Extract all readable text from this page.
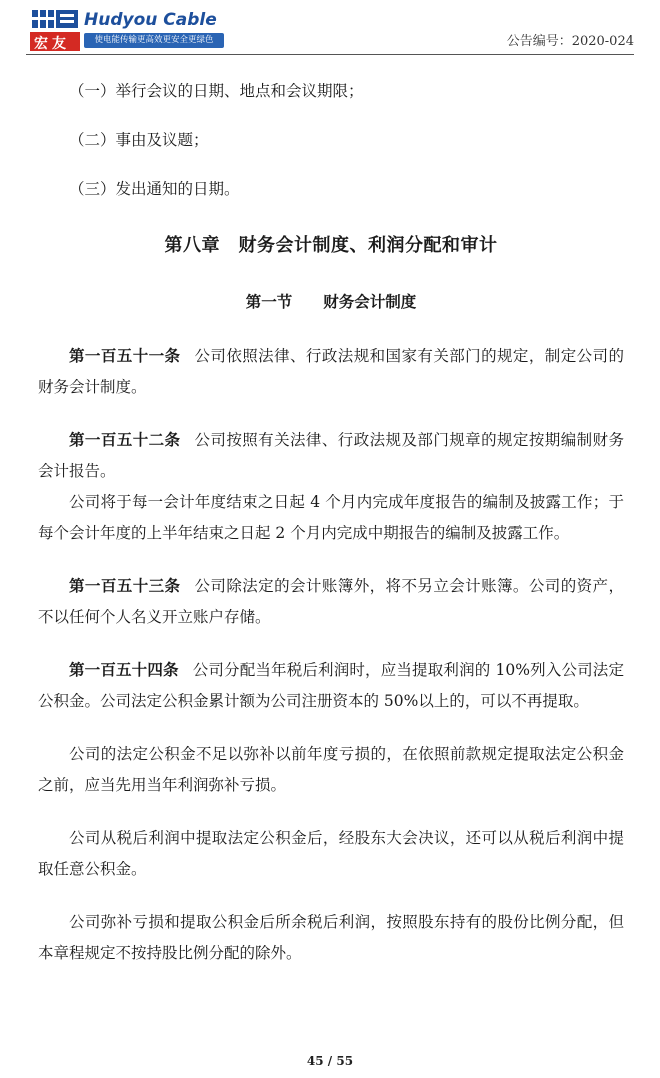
宏友
Hudyou Cable
使电能传输更高效更安全更绿色	公告编号：2020-024

（一）举行会议的日期、地点和会议期限；

（二）事由及议题；

（三）发出通知的日期。

第八章　财务会计制度、利润分配和审计
第一节　　财务会计制度

第一百五十一条 公司依照法律、行政法规和国家有关部门的规定，制定公司的财务会计制度。

第一百五十二条 公司按照有关法律、行政法规及部门规章的规定按期编制财务会计报告。

公司将于每一会计年度结束之日起 4 个月内完成年度报告的编制及披露工作；于每个会计年度的上半年结束之日起 2 个月内完成中期报告的编制及披露工作。

第一百五十三条 公司除法定的会计账簿外，将不另立会计账簿。公司的资产，不以任何个人名义开立账户存储。

第一百五十四条 公司分配当年税后利润时，应当提取利润的 10%列入公司法定公积金。公司法定公积金累计额为公司注册资本的 50%以上的，可以不再提取。

公司的法定公积金不足以弥补以前年度亏损的，在依照前款规定提取法定公积金之前，应当先用当年利润弥补亏损。

公司从税后利润中提取法定公积金后，经股东大会决议，还可以从税后利润中提取任意公积金。

公司弥补亏损和提取公积金后所余税后利润，按照股东持有的股份比例分配，但本章程规定不按持股比例分配的除外。

45 / 55
